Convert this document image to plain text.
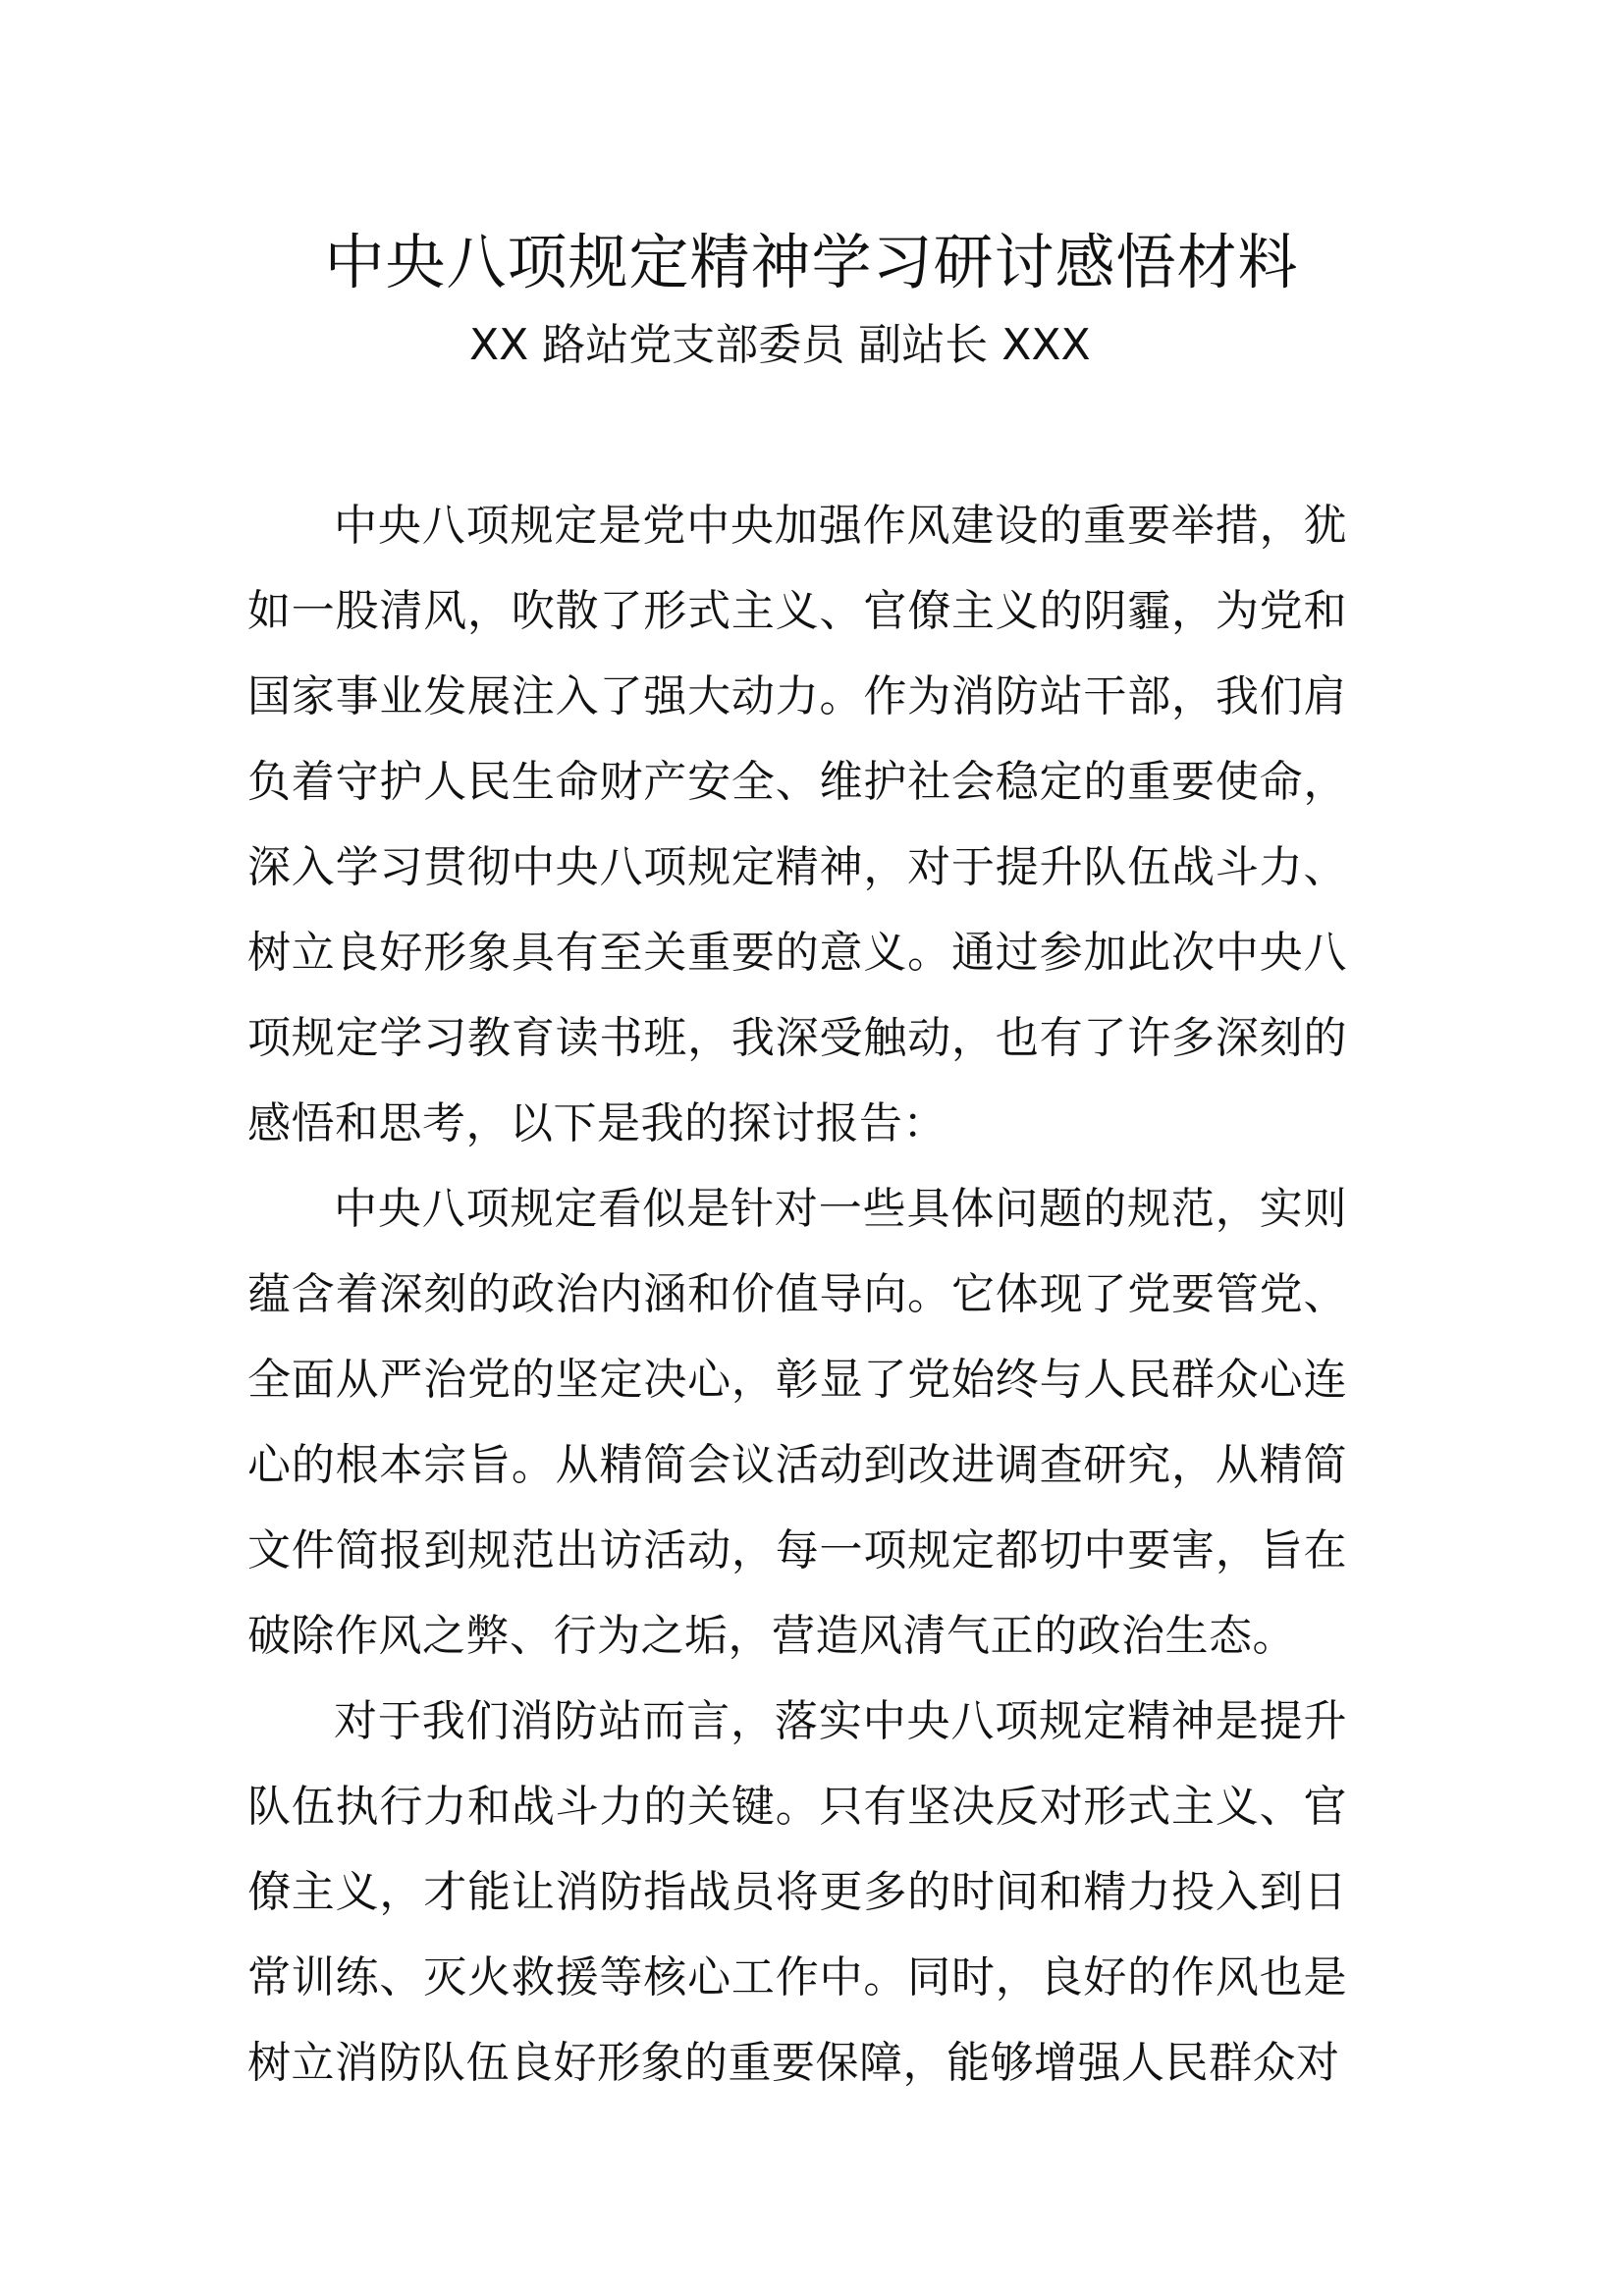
中央八项规定精神学习研讨感悟材料
XX 路站党支部委员 副站长 XXX

中央八项规定是党中央加强作风建设的重要举措，犹如一股清风，吹散了形式主义、官僚主义的阴霾，为党和国家事业发展注入了强大动力。作为消防站干部，我们肩负着守护人民生命财产安全、维护社会稳定的重要使命，深入学习贯彻中央八项规定精神，对于提升队伍战斗力、树立良好形象具有至关重要的意义。通过参加此次中央八项规定学习教育读书班，我深受触动，也有了许多深刻的感悟和思考，以下是我的探讨报告：

中央八项规定看似是针对一些具体问题的规范，实则蕴含着深刻的政治内涵和价值导向。它体现了党要管党、全面从严治党的坚定决心，彰显了党始终与人民群众心连心的根本宗旨。从精简会议活动到改进调查研究，从精简文件简报到规范出访活动，每一项规定都切中要害，旨在破除作风之弊、行为之垢，营造风清气正的政治生态。

对于我们消防站而言，落实中央八项规定精神是提升队伍执行力和战斗力的关键。只有坚决反对形式主义、官僚主义，才能让消防指战员将更多的时间和精力投入到日常训练、灭火救援等核心工作中。同时，良好的作风也是树立消防队伍良好形象的重要保障，能够增强人民群众对
